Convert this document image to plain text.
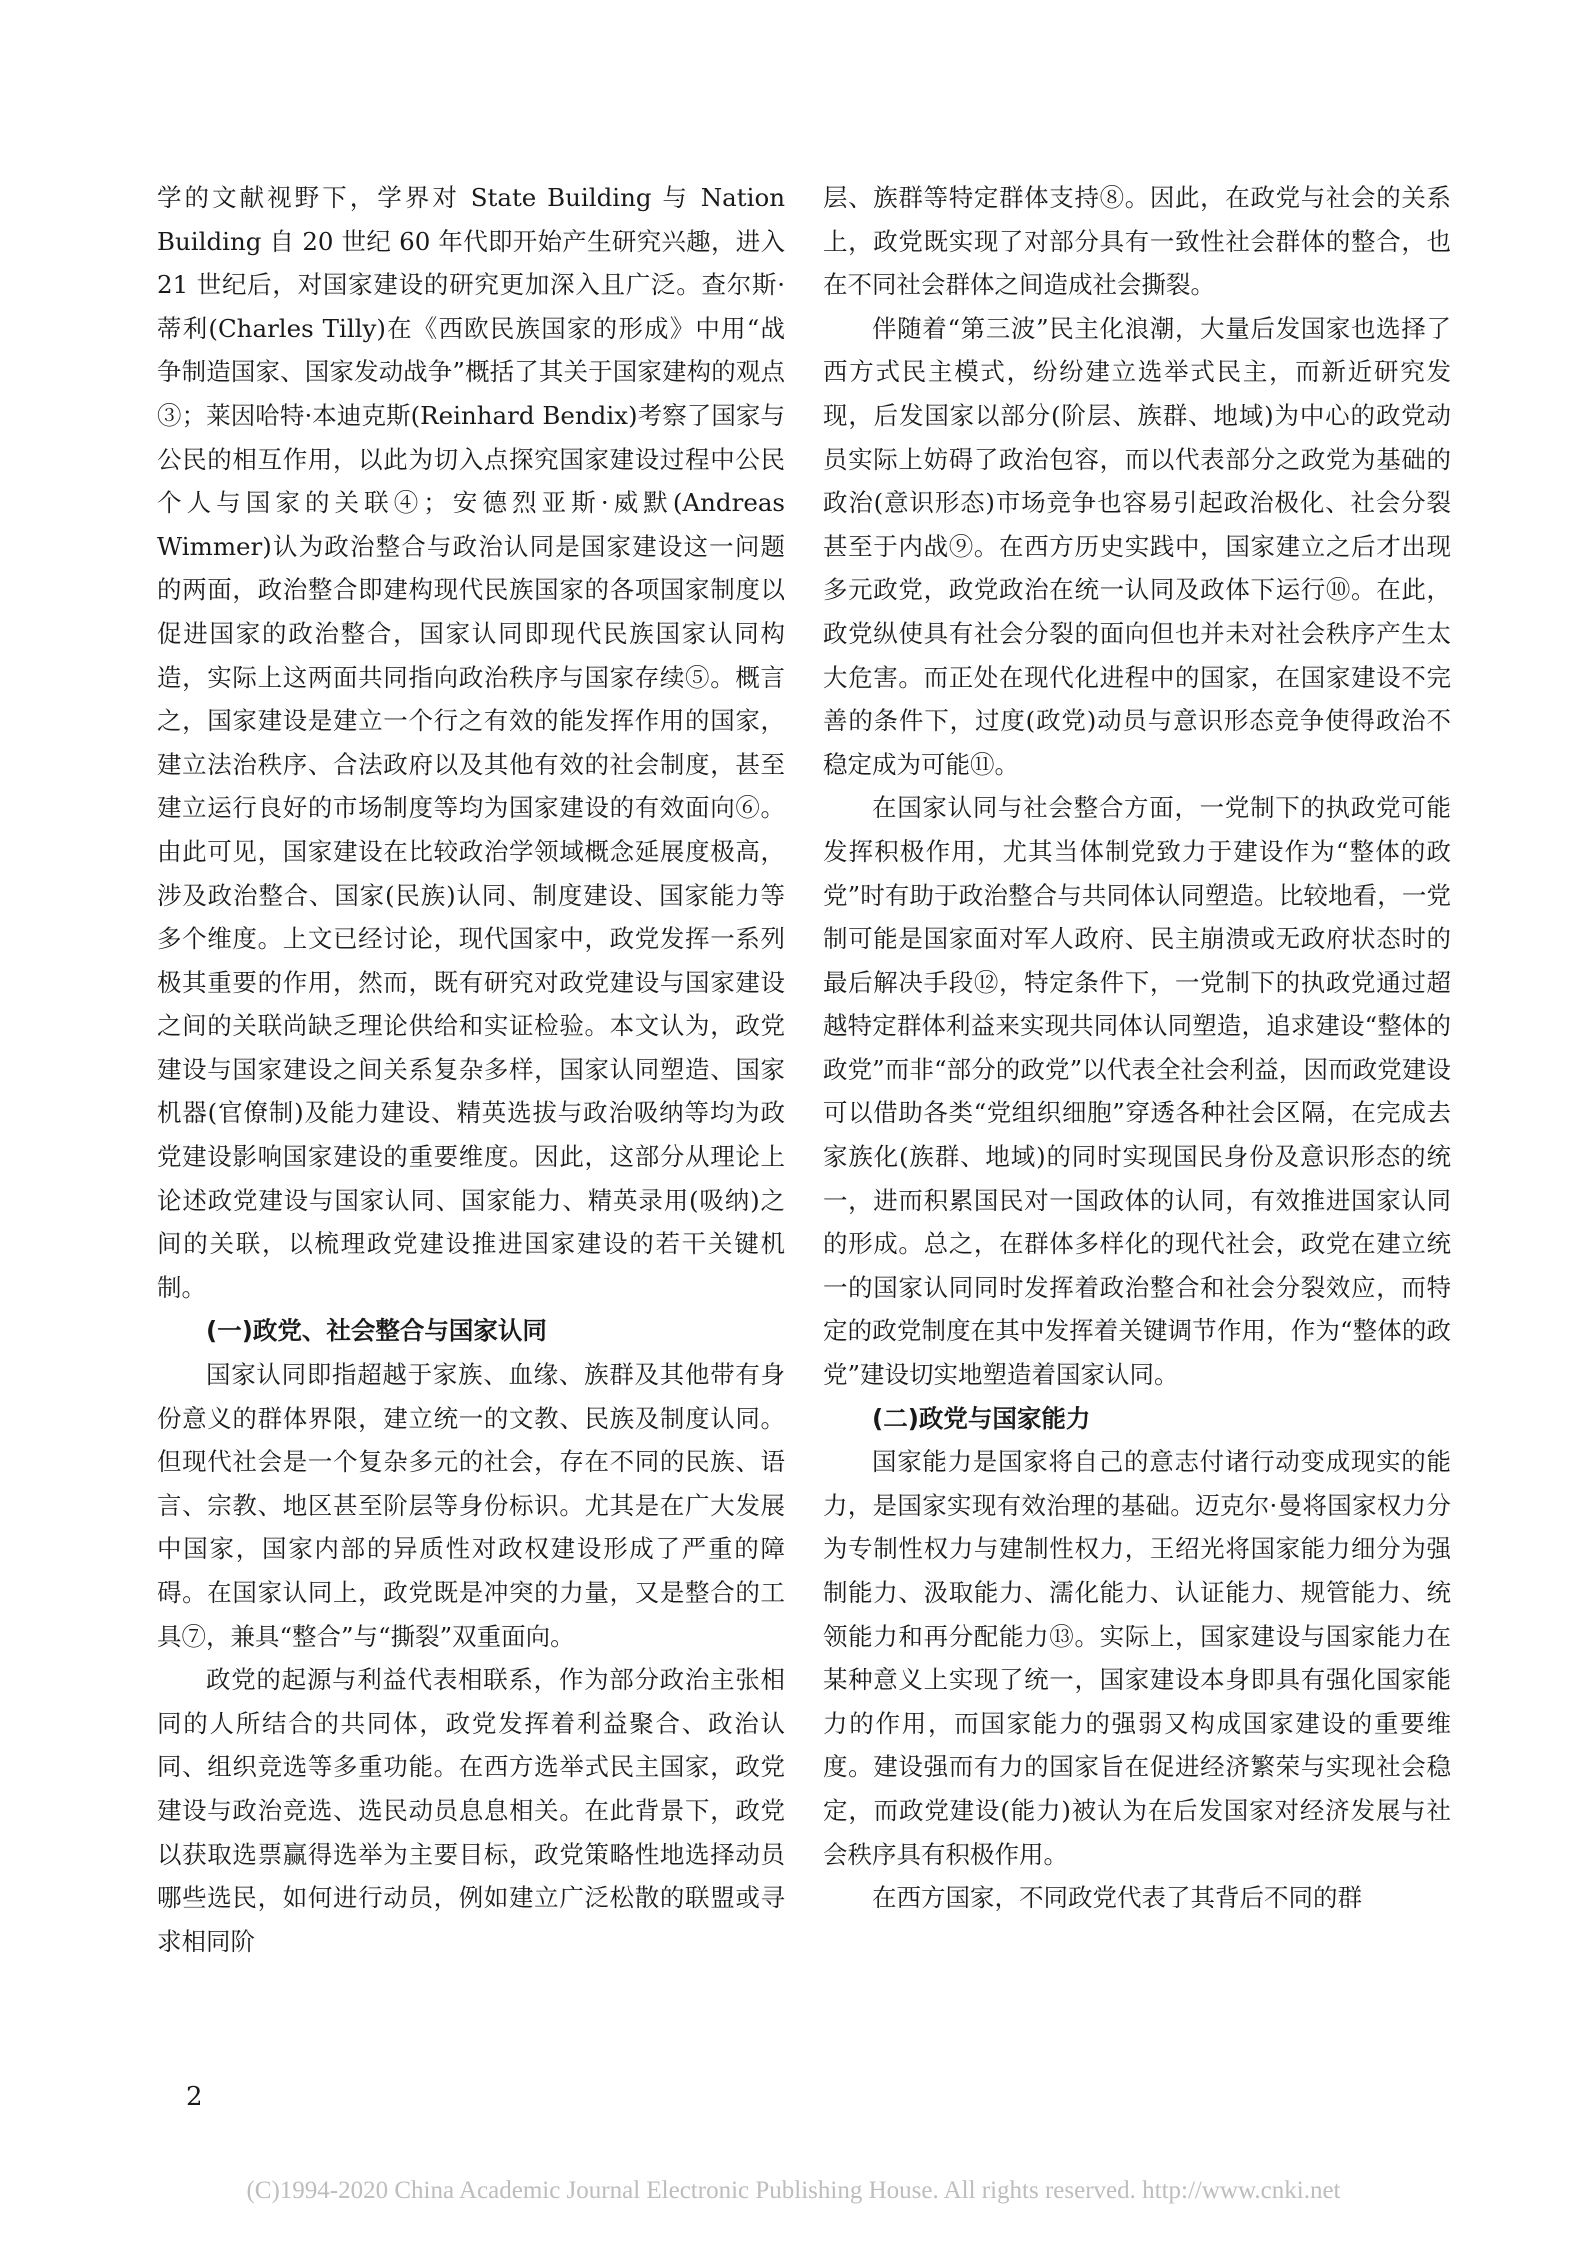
学的文献视野下，学界对 State Building 与 Nation Building 自 20 世纪 60 年代即开始产生研究兴趣，进入 21 世纪后，对国家建设的研究更加深入且广泛。查尔斯·蒂利(Charles Tilly)在《西欧民族国家的形成》中用“战争制造国家、国家发动战争”概括了其关于国家建构的观点③；莱因哈特·本迪克斯(Reinhard Bendix)考察了国家与公民的相互作用，以此为切入点探究国家建设过程中公民个人与国家的关联④；安德烈亚斯·威默(Andreas Wimmer)认为政治整合与政治认同是国家建设这一问题的两面，政治整合即建构现代民族国家的各项国家制度以促进国家的政治整合，国家认同即现代民族国家认同构造，实际上这两面共同指向政治秩序与国家存续⑤。概言之，国家建设是建立一个行之有效的能发挥作用的国家，建立法治秩序、合法政府以及其他有效的社会制度，甚至建立运行良好的市场制度等均为国家建设的有效面向⑥。由此可见，国家建设在比较政治学领域概念延展度极高，涉及政治整合、国家(民族)认同、制度建设、国家能力等多个维度。上文已经讨论，现代国家中，政党发挥一系列极其重要的作用，然而，既有研究对政党建设与国家建设之间的关联尚缺乏理论供给和实证检验。本文认为，政党建设与国家建设之间关系复杂多样，国家认同塑造、国家机器(官僚制)及能力建设、精英选拔与政治吸纳等均为政党建设影响国家建设的重要维度。因此，这部分从理论上论述政党建设与国家认同、国家能力、精英录用(吸纳)之间的关联，以梳理政党建设推进国家建设的若干关键机制。

(一)政党、社会整合与国家认同

国家认同即指超越于家族、血缘、族群及其他带有身份意义的群体界限，建立统一的文教、民族及制度认同。但现代社会是一个复杂多元的社会，存在不同的民族、语言、宗教、地区甚至阶层等身份标识。尤其是在广大发展中国家，国家内部的异质性对政权建设形成了严重的障碍。在国家认同上，政党既是冲突的力量，又是整合的工具⑦，兼具“整合”与“撕裂”双重面向。

政党的起源与利益代表相联系，作为部分政治主张相同的人所结合的共同体，政党发挥着利益聚合、政治认同、组织竞选等多重功能。在西方选举式民主国家，政党建设与政治竞选、选民动员息息相关。在此背景下，政党以获取选票赢得选举为主要目标，政党策略性地选择动员哪些选民，如何进行动员，例如建立广泛松散的联盟或寻求相同阶

层、族群等特定群体支持⑧。因此，在政党与社会的关系上，政党既实现了对部分具有一致性社会群体的整合，也在不同社会群体之间造成社会撕裂。

伴随着“第三波”民主化浪潮，大量后发国家也选择了西方式民主模式，纷纷建立选举式民主，而新近研究发现，后发国家以部分(阶层、族群、地域)为中心的政党动员实际上妨碍了政治包容，而以代表部分之政党为基础的政治(意识形态)市场竞争也容易引起政治极化、社会分裂甚至于内战⑨。在西方历史实践中，国家建立之后才出现多元政党，政党政治在统一认同及政体下运行⑩。在此，政党纵使具有社会分裂的面向但也并未对社会秩序产生太大危害。而正处在现代化进程中的国家，在国家建设不完善的条件下，过度(政党)动员与意识形态竞争使得政治不稳定成为可能⑪。

在国家认同与社会整合方面，一党制下的执政党可能发挥积极作用，尤其当体制党致力于建设作为“整体的政党”时有助于政治整合与共同体认同塑造。比较地看，一党制可能是国家面对军人政府、民主崩溃或无政府状态时的最后解决手段⑫，特定条件下，一党制下的执政党通过超越特定群体利益来实现共同体认同塑造，追求建设“整体的政党”而非“部分的政党”以代表全社会利益，因而政党建设可以借助各类“党组织细胞”穿透各种社会区隔，在完成去家族化(族群、地域)的同时实现国民身份及意识形态的统一，进而积累国民对一国政体的认同，有效推进国家认同的形成。总之，在群体多样化的现代社会，政党在建立统一的国家认同同时发挥着政治整合和社会分裂效应，而特定的政党制度在其中发挥着关键调节作用，作为“整体的政党”建设切实地塑造着国家认同。

(二)政党与国家能力

国家能力是国家将自己的意志付诸行动变成现实的能力，是国家实现有效治理的基础。迈克尔·曼将国家权力分为专制性权力与建制性权力，王绍光将国家能力细分为强制能力、汲取能力、濡化能力、认证能力、规管能力、统领能力和再分配能力⑬。实际上，国家建设与国家能力在某种意义上实现了统一，国家建设本身即具有强化国家能力的作用，而国家能力的强弱又构成国家建设的重要维度。建设强而有力的国家旨在促进经济繁荣与实现社会稳定，而政党建设(能力)被认为在后发国家对经济发展与社会秩序具有积极作用。

在西方国家，不同政党代表了其背后不同的群

2
(C)1994-2020 China Academic Journal Electronic Publishing House. All rights reserved. http://www.cnki.net
